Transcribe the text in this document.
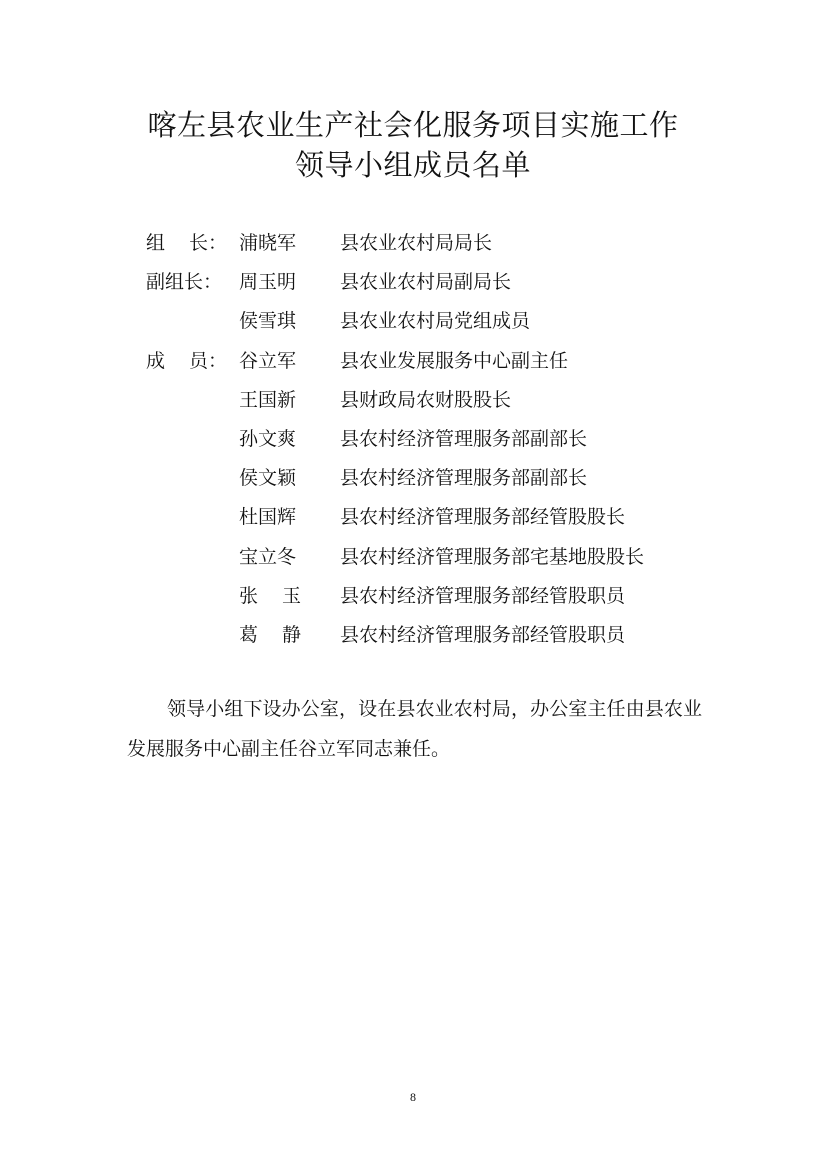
喀左县农业生产社会化服务项目实施工作
领导小组成员名单
组 长： 浦晓军 县农业农村局局长
副组长： 周玉明 县农业农村局副局长
侯雪琪 县农业农村局党组成员
成 员： 谷立军 县农业发展服务中心副主任
王国新 县财政局农财股股长
孙文爽 县农村经济管理服务部副部长
侯文颖 县农村经济管理服务部副部长
杜国辉 县农村经济管理服务部经管股股长
宝立冬 县农村经济管理服务部宅基地股股长
张 玉 县农村经济管理服务部经管股职员
葛 静 县农村经济管理服务部经管股职员

领导小组下设办公室，设在县农业农村局，办公室主任由县农业发展服务中心副主任谷立军同志兼任。

8
